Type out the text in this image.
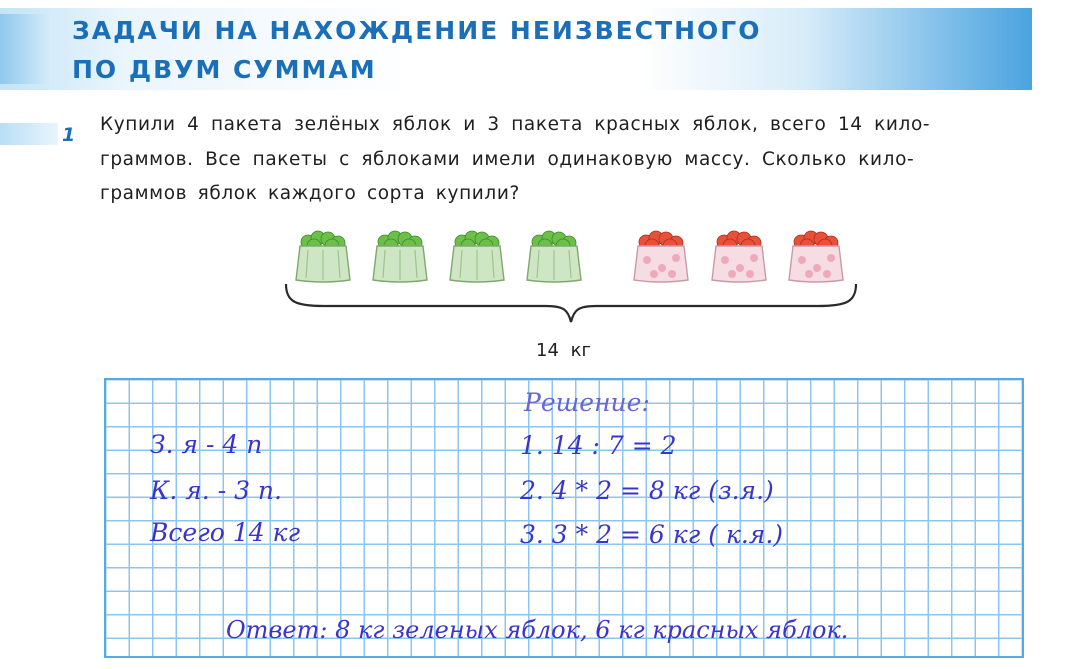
ЗАДАЧИ НА НАХОЖДЕНИЕ НЕИЗВЕСТНОГО
ПО ДВУМ СУММАМ
1 Купили 4 пакета зелёных яблок и 3 пакета красных яблок, всего 14 кило-
граммов. Все пакеты с яблоками имели одинаковую массу. Сколько кило-
граммов яблок каждого сорта купили?
14 кг
Решение:
З. я - 4 п
К. я. - 3 п.
Всего 14 кг
1. 14 : 7 = 2
2. 4 * 2 = 8 кг (з.я.)
3. 3 * 2 = 6 кг ( к.я.)
Ответ: 8 кг зеленых яблок, 6 кг красных яблок.
